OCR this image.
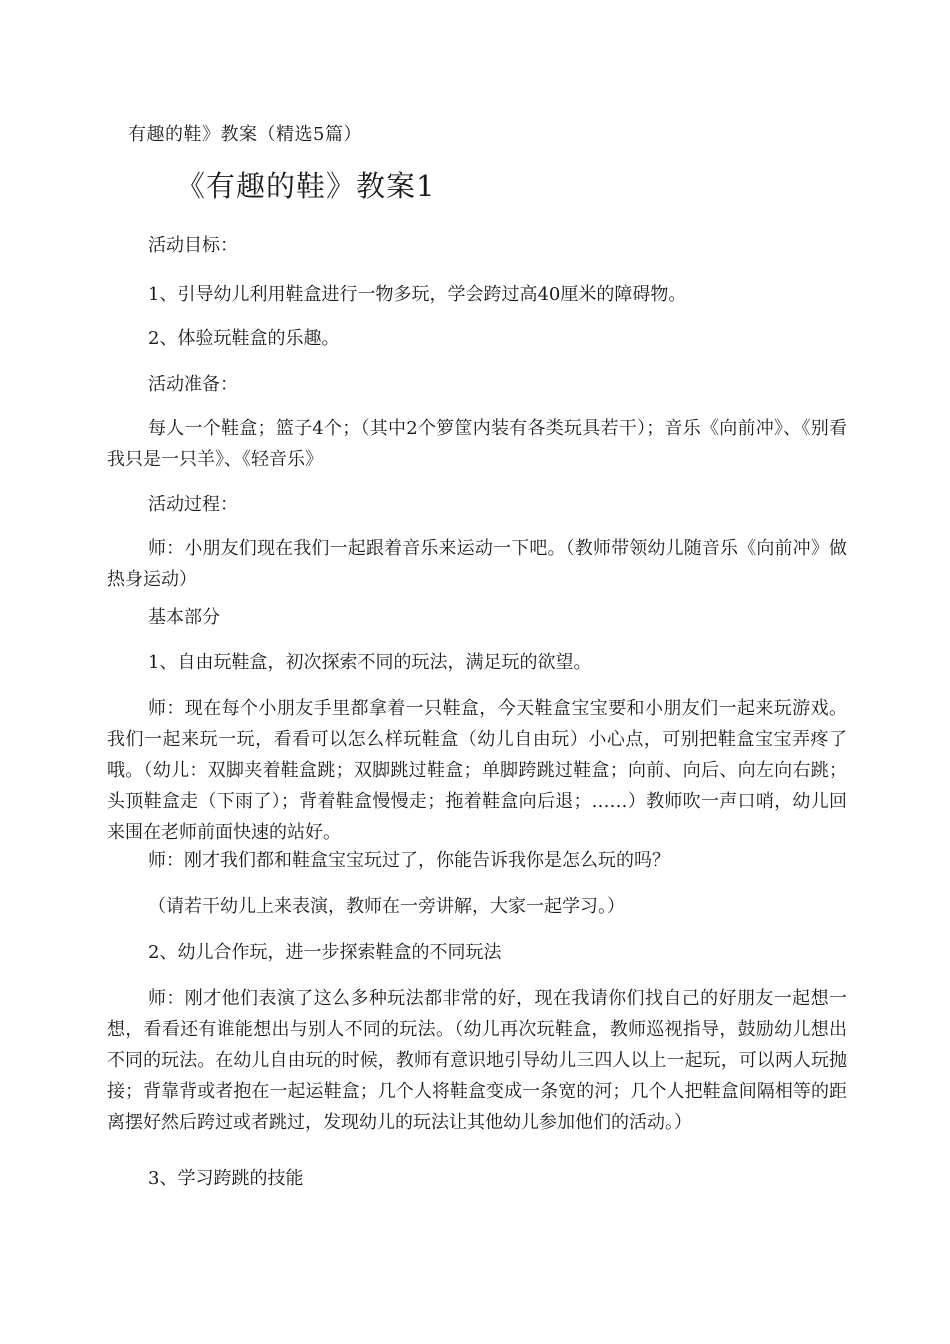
有趣的鞋》教案（精选5篇）
《有趣的鞋》教案1

活动目标：

1、引导幼儿利用鞋盒进行一物多玩，学会跨过高40厘米的障碍物。

2、体验玩鞋盒的乐趣。

活动准备：

每人一个鞋盒；篮子4个；（其中2个箩筐内装有各类玩具若干）；音乐《向前冲》、《别看我只是一只羊》、《轻音乐》

活动过程：

师：小朋友们现在我们一起跟着音乐来运动一下吧。（教师带领幼儿随音乐《向前冲》做热身运动）

基本部分

1、自由玩鞋盒，初次探索不同的玩法，满足玩的欲望。

师：现在每个小朋友手里都拿着一只鞋盒，今天鞋盒宝宝要和小朋友们一起来玩游戏。我们一起来玩一玩，看看可以怎么样玩鞋盒（幼儿自由玩）小心点，可别把鞋盒宝宝弄疼了哦。（幼儿：双脚夹着鞋盒跳；双脚跳过鞋盒；单脚跨跳过鞋盒；向前、向后、向左向右跳；头顶鞋盒走（下雨了）；背着鞋盒慢慢走；拖着鞋盒向后退；……）教师吹一声口哨，幼儿回来围在老师前面快速的站好。

师：刚才我们都和鞋盒宝宝玩过了，你能告诉我你是怎么玩的吗？

（请若干幼儿上来表演，教师在一旁讲解，大家一起学习。）

2、幼儿合作玩，进一步探索鞋盒的不同玩法

师：刚才他们表演了这么多种玩法都非常的好，现在我请你们找自己的好朋友一起想一想，看看还有谁能想出与别人不同的玩法。（幼儿再次玩鞋盒，教师巡视指导，鼓励幼儿想出不同的玩法。在幼儿自由玩的时候，教师有意识地引导幼儿三四人以上一起玩，可以两人玩抛接；背靠背或者抱在一起运鞋盒；几个人将鞋盒变成一条宽的河；几个人把鞋盒间隔相等的距离摆好然后跨过或者跳过，发现幼儿的玩法让其他幼儿参加他们的活动。）

3、学习跨跳的技能
